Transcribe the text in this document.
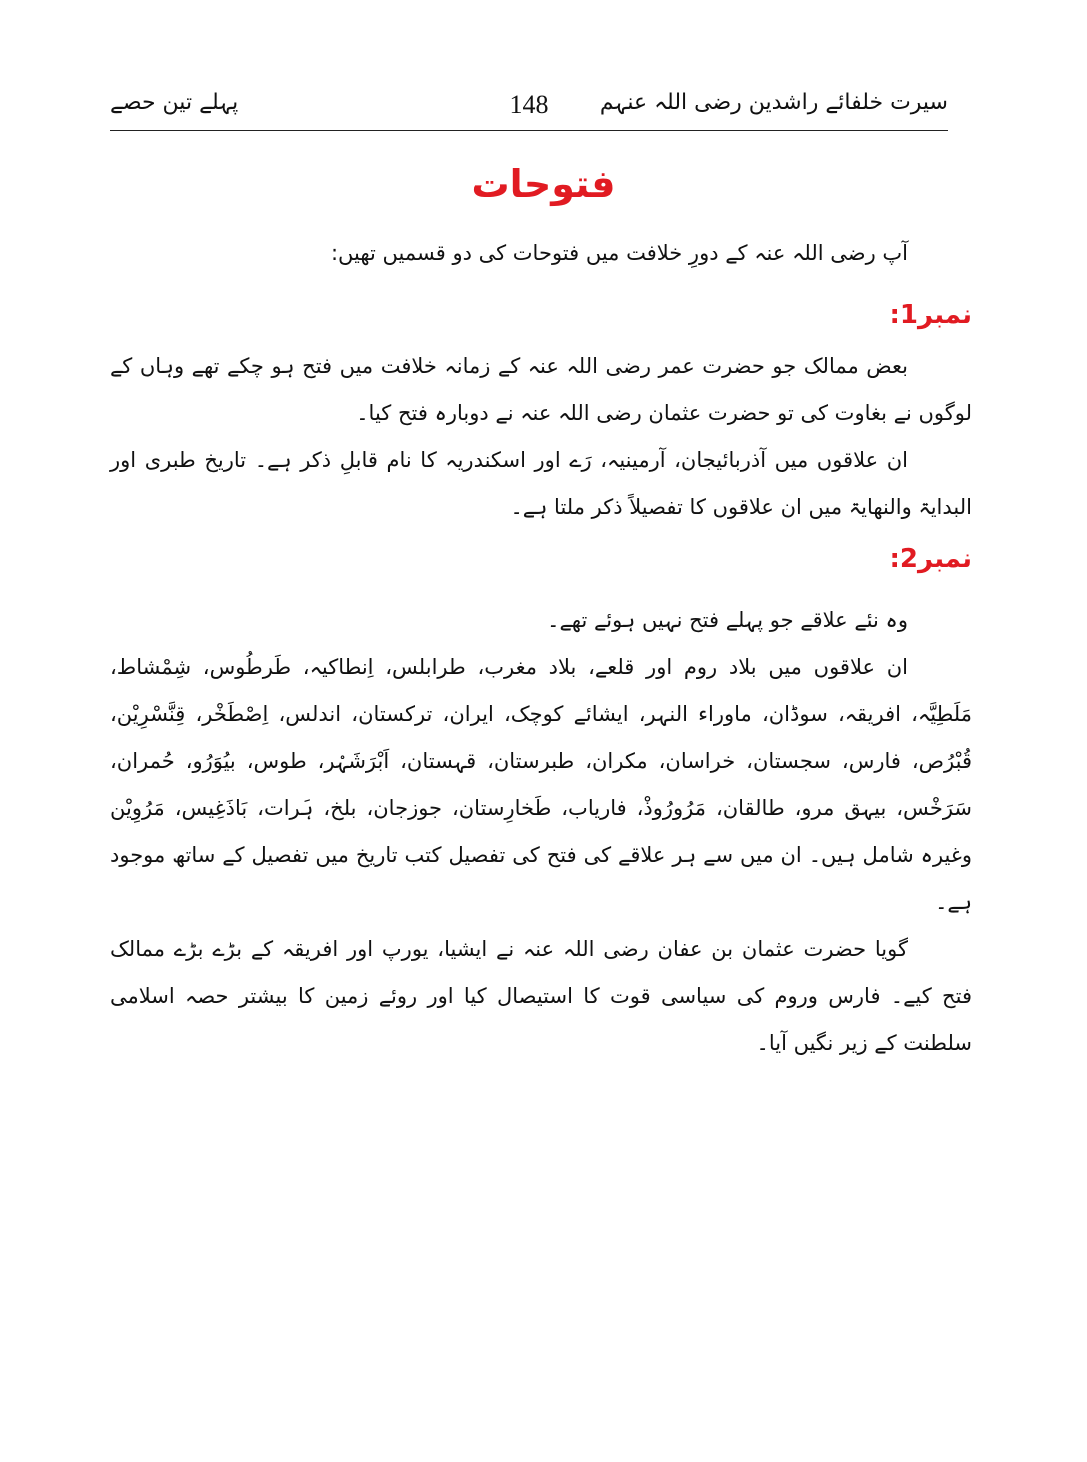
سیرت خلفائے راشدین رضی اللہ عنہم
148
پہلے تین حصے
فتوحات

آپ رضی اللہ عنہ کے دورِ خلافت میں فتوحات کی دو قسمیں تھیں:

نمبر1:

بعض ممالک جو حضرت عمر رضی اللہ عنہ کے زمانہ خلافت میں فتح ہو چکے تھے وہاں کے لوگوں نے بغاوت کی تو حضرت عثمان رضی اللہ عنہ نے دوبارہ فتح کیا۔

ان علاقوں میں آذربائیجان، آرمینیہ، رَے اور اسکندریہ کا نام قابلِ ذکر ہے۔ تاریخ طبری اور البدایۃ والنھایۃ میں ان علاقوں کا تفصیلاً ذکر ملتا ہے۔

نمبر2:

وہ نئے علاقے جو پہلے فتح نہیں ہوئے تھے۔

ان علاقوں میں بلاد روم اور قلعے، بلاد مغرب، طرابلس، اِنطاکیہ، طَرطُوس، شِمْشاط، مَلَطِیَّہ، افریقہ، سوڈان، ماوراء النہر، ایشائے کوچک، ایران، ترکستان، اندلس، اِصْطَخْر، قِنَّسْرِیْن، قُبْرُص، فارس، سجستان، خراسان، مکران، طبرستان، قہستان، اَبْرَشَہْر، طوس، بیُوَرُو، حُمران، سَرَخْس، بیہق مرو، طالقان، مَرُورُوذْ، فاریاب، طَخارِستان، جوزجان، بلخ، ہَرات، بَاذَغِیس، مَرُوِیْن وغیرہ شامل ہیں۔ ان میں سے ہر علاقے کی فتح کی تفصیل کتب تاریخ میں تفصیل کے ساتھ موجود ہے۔

گویا حضرت عثمان بن عفان رضی اللہ عنہ نے ایشیا، یورپ اور افریقہ کے بڑے بڑے ممالک فتح کیے۔ فارس وروم کی سیاسی قوت کا استیصال کیا اور روئے زمین کا بیشتر حصہ اسلامی سلطنت کے زیر نگیں آیا۔
